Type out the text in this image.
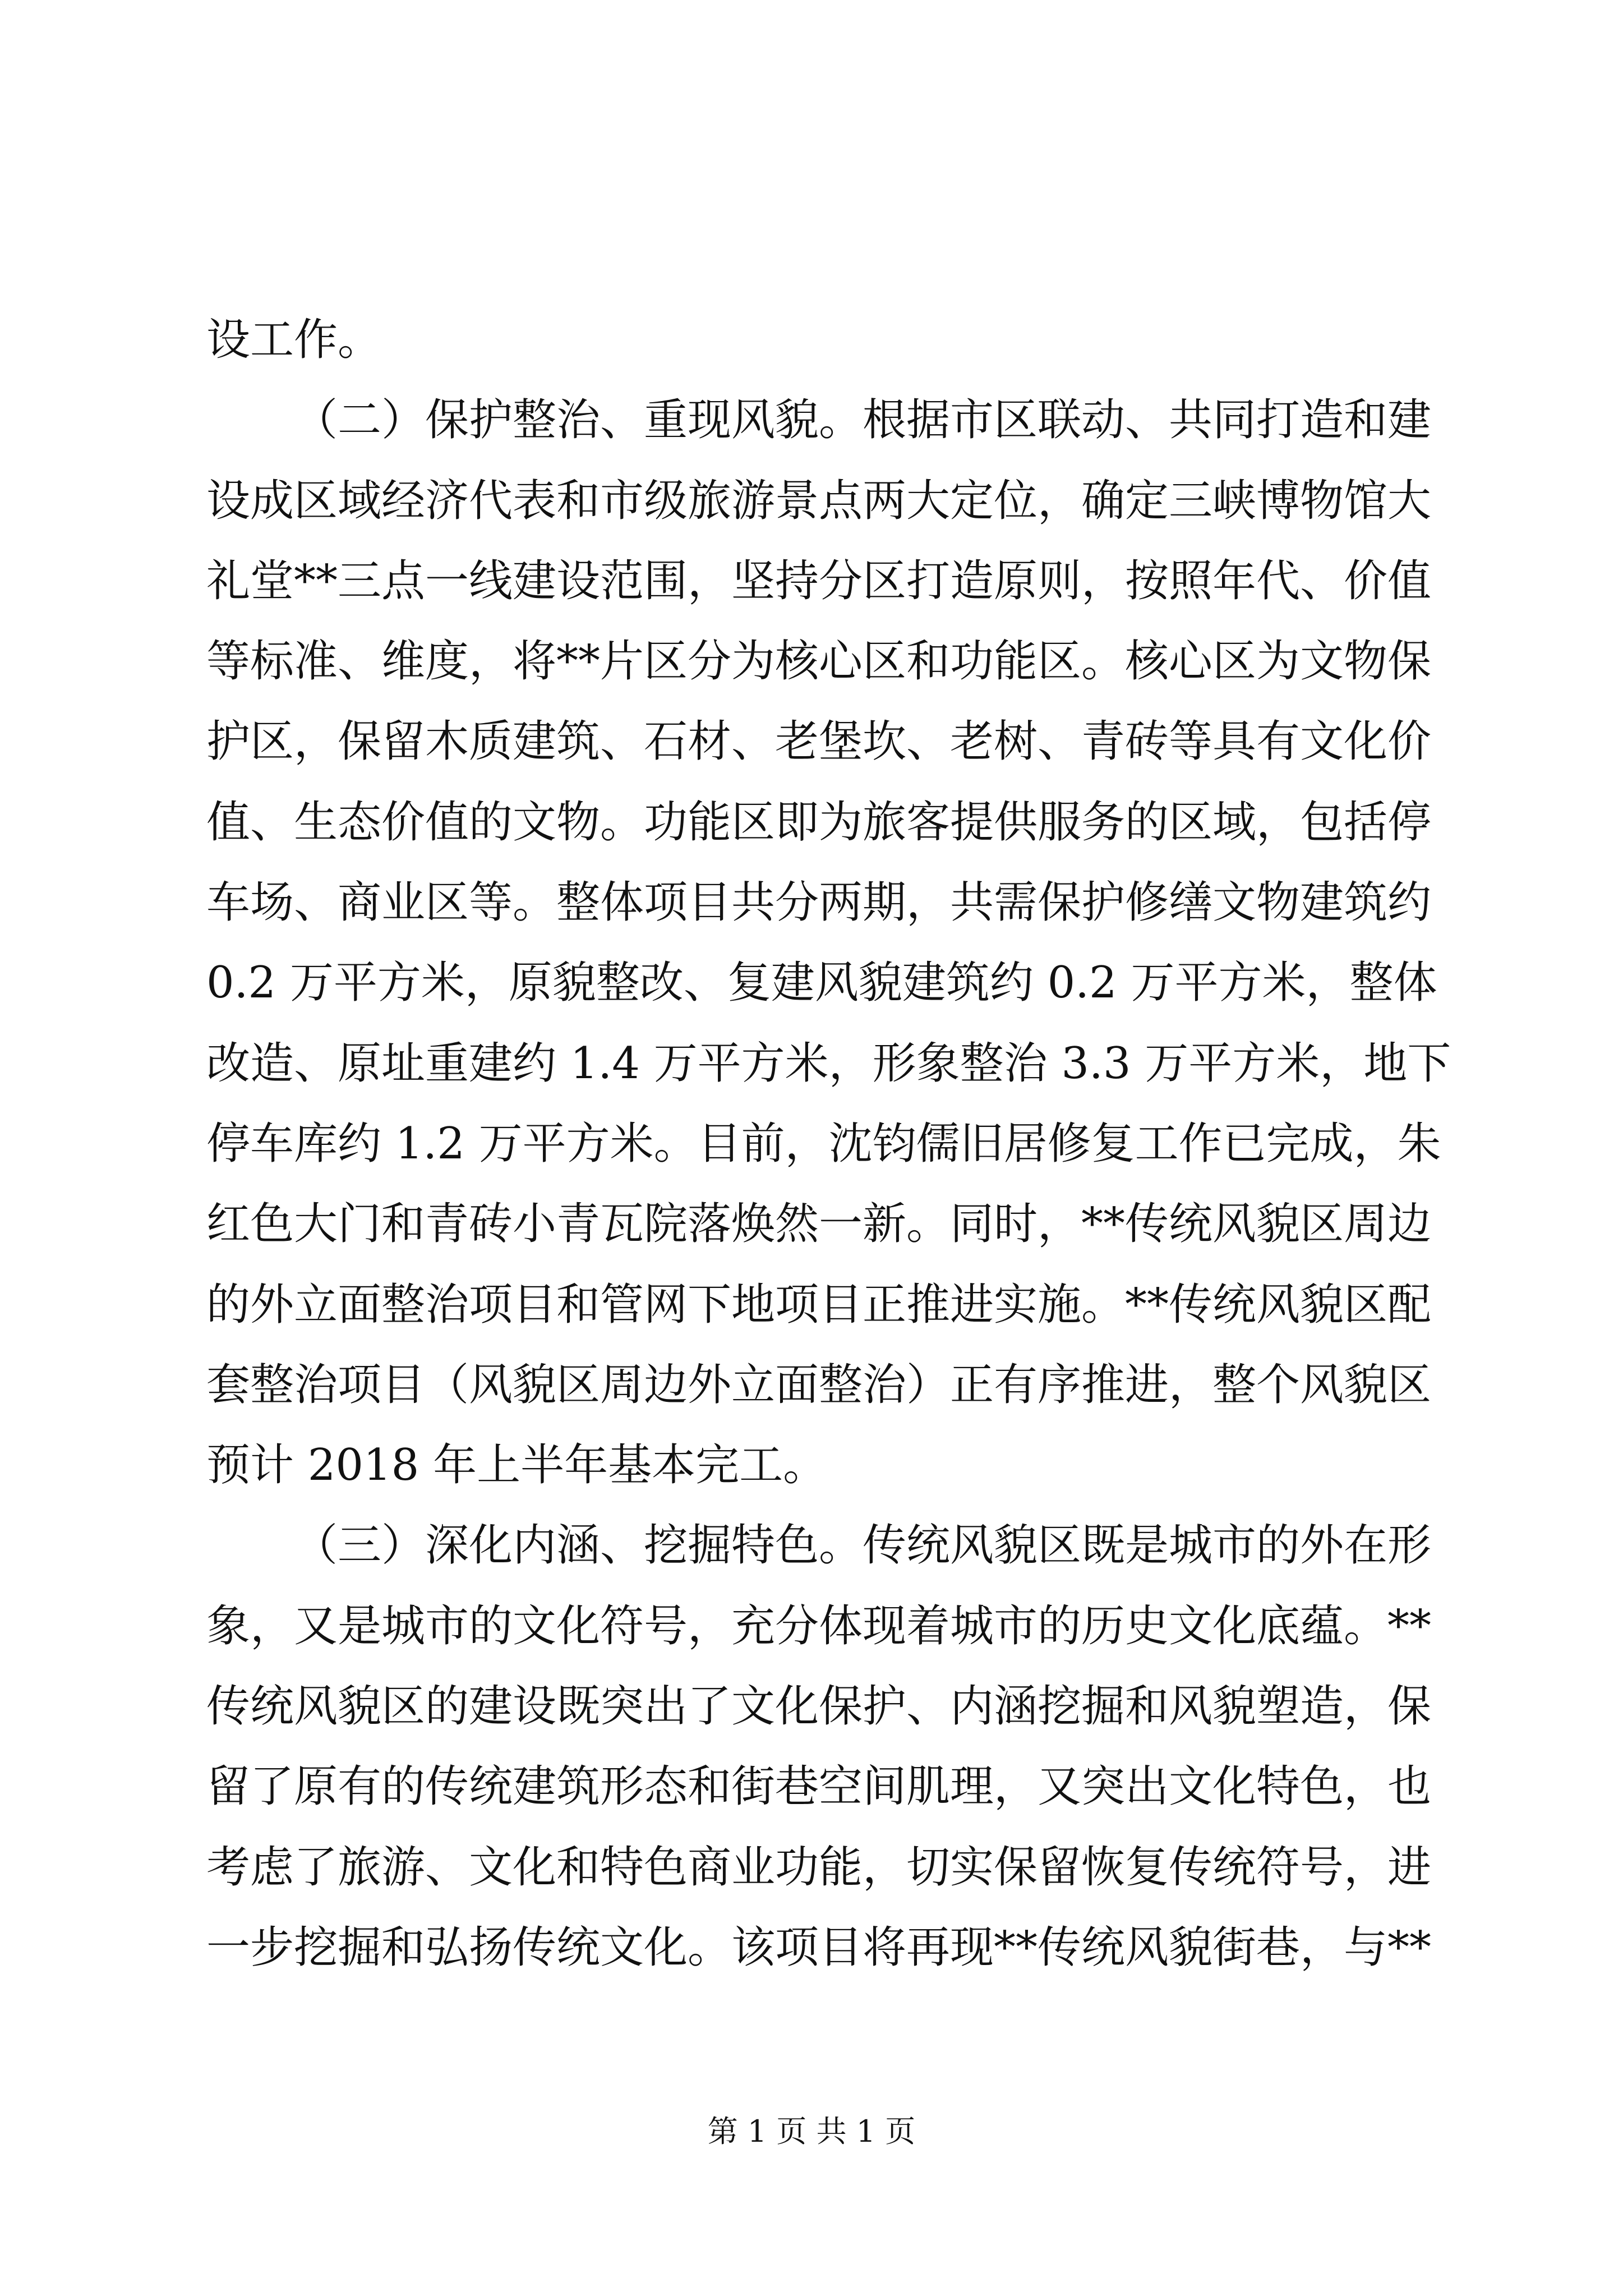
设工作。
（二）保护整治、重现风貌。根据市区联动、共同打造和建
设成区域经济代表和市级旅游景点两大定位，确定三峡博物馆大
礼堂**三点一线建设范围，坚持分区打造原则，按照年代、价值
等标准、维度，将**片区分为核心区和功能区。核心区为文物保
护区，保留木质建筑、石材、老堡坎、老树、青砖等具有文化价
值、生态价值的文物。功能区即为旅客提供服务的区域，包括停
车场、商业区等。整体项目共分两期，共需保护修缮文物建筑约
0.2 万平方米，原貌整改、复建风貌建筑约 0.2 万平方米，整体
改造、原址重建约 1.4 万平方米，形象整治 3.3 万平方米，地下
停车库约 1.2 万平方米。目前，沈钧儒旧居修复工作已完成，朱
红色大门和青砖小青瓦院落焕然一新。同时，**传统风貌区周边
的外立面整治项目和管网下地项目正推进实施。**传统风貌区配
套整治项目（风貌区周边外立面整治）正有序推进，整个风貌区
预计 2018 年上半年基本完工。
（三）深化内涵、挖掘特色。传统风貌区既是城市的外在形
象，又是城市的文化符号，充分体现着城市的历史文化底蕴。**
传统风貌区的建设既突出了文化保护、内涵挖掘和风貌塑造，保
留了原有的传统建筑形态和街巷空间肌理，又突出文化特色，也
考虑了旅游、文化和特色商业功能，切实保留恢复传统符号，进
一步挖掘和弘扬传统文化。该项目将再现**传统风貌街巷，与**
第 1 页 共 1 页
